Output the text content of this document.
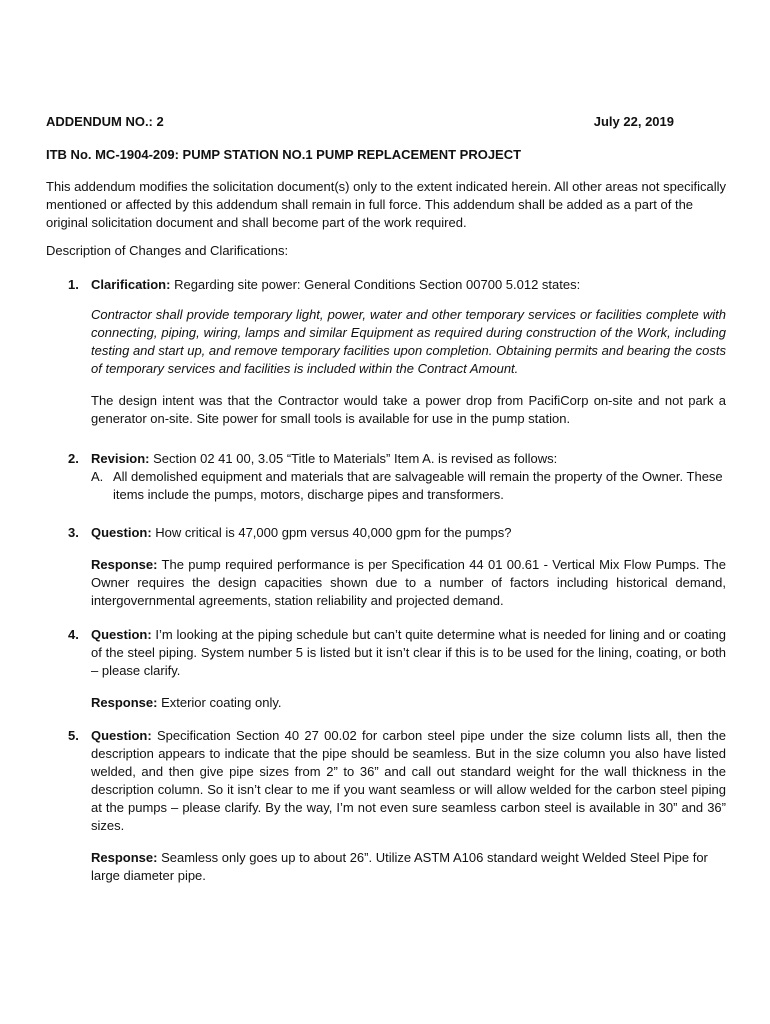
ADDENDUM NO.: 2	July 22, 2019
ITB No. MC-1904-209: PUMP STATION NO.1 PUMP REPLACEMENT PROJECT
This addendum modifies the solicitation document(s) only to the extent indicated herein. All other areas not specifically mentioned or affected by this addendum shall remain in full force. This addendum shall be added as a part of the original solicitation document and shall become part of the work required.
Description of Changes and Clarifications:
1. Clarification: Regarding site power: General Conditions Section 00700 5.012 states:

Contractor shall provide temporary light, power, water and other temporary services or facilities complete with connecting, piping, wiring, lamps and similar Equipment as required during construction of the Work, including testing and start up, and remove temporary facilities upon completion. Obtaining permits and bearing the costs of temporary services and facilities is included within the Contract Amount.

The design intent was that the Contractor would take a power drop from PacifiCorp on-site and not park a generator on-site. Site power for small tools is available for use in the pump station.

2. Revision: Section 02 41 00, 3.05 “Title to Materials” Item A. is revised as follows:

A. All demolished equipment and materials that are salvageable will remain the property of the Owner. These items include the pumps, motors, discharge pipes and transformers.
3. Question: How critical is 47,000 gpm versus 40,000 gpm for the pumps?

Response: The pump required performance is per Specification 44 01 00.61 - Vertical Mix Flow Pumps. The Owner requires the design capacities shown due to a number of factors including historical demand, intergovernmental agreements, station reliability and projected demand.

4. Question: I’m looking at the piping schedule but can’t quite determine what is needed for lining and or coating of the steel piping. System number 5 is listed but it isn’t clear if this is to be used for the lining, coating, or both – please clarify.

Response: Exterior coating only.

5. Question: Specification Section 40 27 00.02 for carbon steel pipe under the size column lists all, then the description appears to indicate that the pipe should be seamless. But in the size column you also have listed welded, and then give pipe sizes from 2” to 36” and call out standard weight for the wall thickness in the description column. So it isn’t clear to me if you want seamless or will allow welded for the carbon steel piping at the pumps – please clarify. By the way, I’m not even sure seamless carbon steel is available in 30” and 36” sizes.

Response: Seamless only goes up to about 26”. Utilize ASTM A106 standard weight Welded Steel Pipe for large diameter pipe.
